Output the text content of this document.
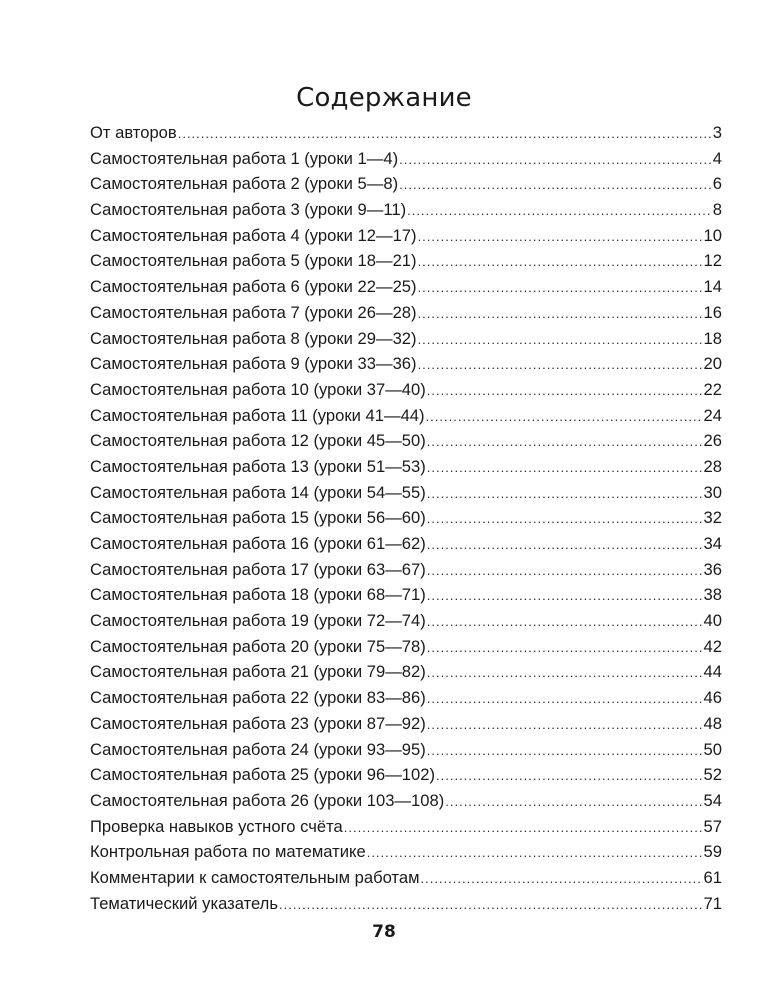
Содержание
От авторов .....	3
Самостоятельная работа 1 (уроки 1—4) .....	4
Самостоятельная работа 2 (уроки 5—8) .....	6
Самостоятельная работа 3 (уроки 9—11) .....	8
Самостоятельная работа 4 (уроки 12—17) .....	10
Самостоятельная работа 5 (уроки 18—21) .....	12
Самостоятельная работа 6 (уроки 22—25) .....	14
Самостоятельная работа 7 (уроки 26—28) .....	16
Самостоятельная работа 8 (уроки 29—32) .....	18
Самостоятельная работа 9 (уроки 33—36) .....	20
Самостоятельная работа 10 (уроки 37—40) .....	22
Самостоятельная работа 11 (уроки 41—44) .....	24
Самостоятельная работа 12 (уроки 45—50) .....	26
Самостоятельная работа 13 (уроки 51—53) .....	28
Самостоятельная работа 14 (уроки 54—55) .....	30
Самостоятельная работа 15 (уроки 56—60) .....	32
Самостоятельная работа 16 (уроки 61—62) .....	34
Самостоятельная работа 17 (уроки 63—67) .....	36
Самостоятельная работа 18 (уроки 68—71) .....	38
Самостоятельная работа 19 (уроки 72—74) .....	40
Самостоятельная работа 20 (уроки 75—78) .....	42
Самостоятельная работа 21 (уроки 79—82) .....	44
Самостоятельная работа 22 (уроки 83—86) .....	46
Самостоятельная работа 23 (уроки 87—92) .....	48
Самостоятельная работа 24 (уроки 93—95) .....	50
Самостоятельная работа 25 (уроки 96—102) .....	52
Самостоятельная работа 26 (уроки 103—108) .....	54
Проверка навыков устного счёта .....	57
Контрольная работа по математике .....	59
Комментарии к самостоятельным работам .....	61
Тематический указатель .....	71
78
